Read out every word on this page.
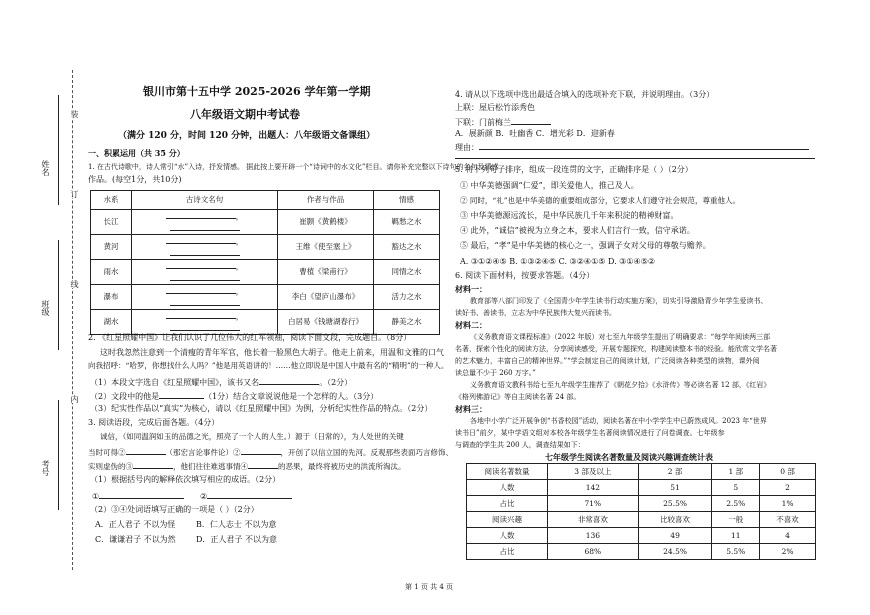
姓名
班级
考号
装
订
线
内
银川市第十五中学 2025-2026 学年第一学期
八年级语文期中考试卷
（满分 120 分，时间 120 分钟，出题人：八年级语文备课组）
一、积累运用（共 35 分）
1. 在古代诗歌中，诗人常引“水”入诗，抒发情感。 据此按上要开辟一个“诗词中的水文化”栏目。请你补充完整以下诗句的名句及情感
作品。(每空1分，共10分)
水系	古诗文名句	作者与作品	情感
长江	，	崔颢《黄鹤楼》	羁愁之水
黄河	，	王维《使至塞上》	豁达之水
雨水	，	曹植《梁甫行》	同情之水
瀑布	，	李白《望庐山瀑布》	活力之水
湖水	，	白居易《钱塘湖春行》	静美之水
2. 《红星照耀中国》让我们认识了几位伟大的红军领袖，阅读下面文段，完成题目。（8分）
这时我忽然注意到一个清瘦的青年军官，他长着一脸黑色大胡子。他走上前来，用温和文雅的口气
向我招呼：“哈罗，你想找什么人吗？”他是用英语讲的！……他立即说是中国人中最有名的“精明”的一种人。
（1）本段文字选自《红星照耀中国》，该书又名	。（2分）
（2）文段中的他是	（1分）结合文章说说他是一个怎样的人。（3分）
（3）纪实性作品以“真实”为核心，请以《红星照耀中国》为例，分析纪实性作品的特点。（2分）
3. 阅读语段，完成后面各题。（4分）
诚信，（如同温润如玉的品德之光，照亮了一个人的人生。）源于（日常的），为人处世的关键
当时可得②	（那宏言论事件论）②	，开创了以信立国的先河。反观那些表面巧言修饰、
实则虚伪的③	，他们往往难逃事情④	的恶果，最终将被历史的洪流所淘汰。
（1）根据括号内的解释依次填写相应的成语。（2分）
①	②
（2）③④处词语填写正确的一项是（ ）（2分）
A．正人君子 不以为怪	B．仁人志士 不以为意
C．谦谦君子 不以为然	D．正人君子 不以为意
4. 请从以下选项中选出最适合填入的选项补充下联，并说明理由。（3分）
上联：屋后松竹添秀色
下联：门前梅兰
A．展新颜 B．吐幽香 C．增光彩 D．迎新春
理由：
5. 将下列句子排序，组成一段连贯的文字，正确排序是（ ）（2分）
① 中华美德强调“仁爱”，即关爱他人，推己及人。
② 同时，“礼”也是中华美德的重要组成部分，它要求人们遵守社会规范，尊重他人。
③ 中华美德源远流长，是中华民族几千年来积淀的精神财富。
④ 此外，“诚信”被视为立身之本，要求人们言行一致，信守承诺。
⑤ 最后，“孝”是中华美德的核心之一，强调子女对父母的尊敬与赡养。
A. ③①②④⑤ B. ①③②④⑤ C. ③②④①⑤ D. ③①④⑤②
6. 阅读下面材料，按要求答题。（4分）
材料一：
教育部等八部门印发了《全国青少年学生读书行动实施方案》，切实引导激励青少年学生爱读书、
读好书、善读书，立志为中华民族伟大复兴而读书。
材料二：
《义务教育语文课程标准》（2022 年版）对七至九年级学生提出了明确要求：“每学年阅读两三部
名著，探索个性化的阅读方法，分享阅读感受，开展专题探究，构建阅读整本书的经验。能欣赏文学名著
的艺术魅力，丰富自己的精神世界。”“学会制定自己的阅读计划，广泛阅读各种类型的读物，课外阅
读总量不少于 260 万字。”
义务教育语文教科书给七至九年级学生推荐了《朝花夕拾》《水浒传》等必读名著 12 部，《红岩》
《格列佛游记》等自主阅读名著 24 部。
材料三：
各地中小学广泛开展争创“书香校园”活动，阅读名著在中小学学生中已蔚然成风。2023 年“世界
读书日”前夕，某中学语文组对本校各年级学生名著阅读情况进行了问卷调查。七年级参
与调查的学生共 200 人，调查结果如下：
七年级学生阅读名著数量及阅读兴趣调查统计表
阅读名著数量	3 部及以上	2 部	1 部	0 部
人数	142	51	5	2
占比	71%	25.5%	2.5%	1%
阅读兴趣	非常喜欢	比较喜欢	一般	不喜欢
人数	136	49	11	4
占比	68%	24.5%	5.5%	2%
第 1 页 共 4 页
